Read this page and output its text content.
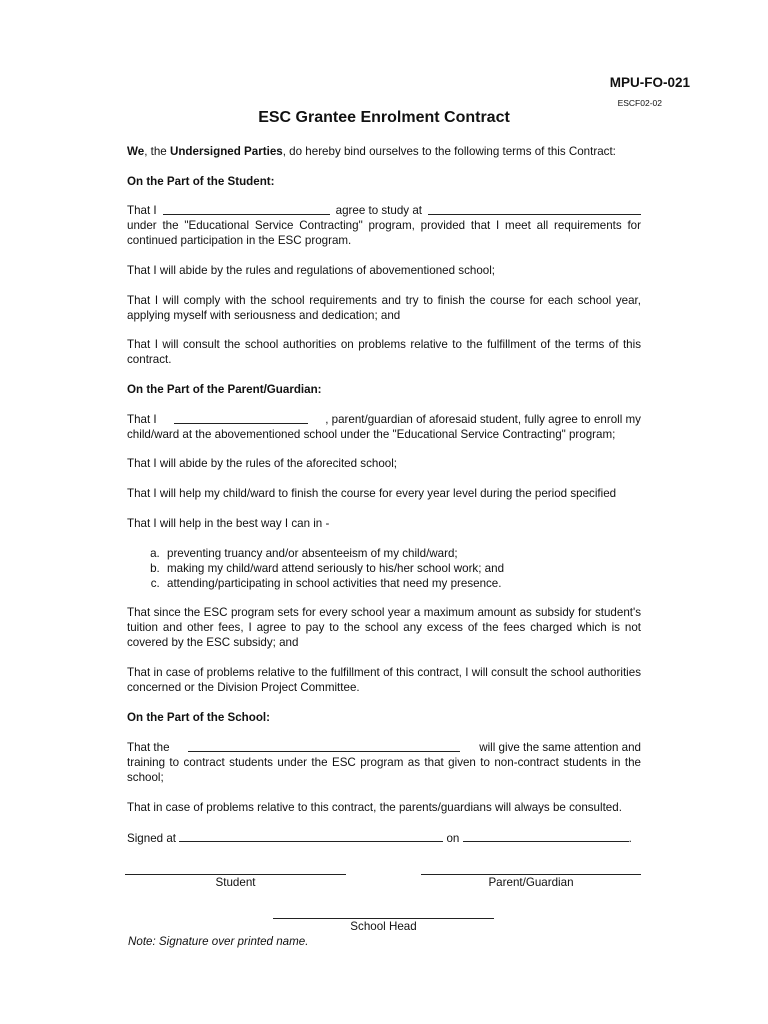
MPU-FO-021
ESCF02-02
ESC Grantee Enrolment Contract
We, the Undersigned Parties, do hereby bind ourselves to the following terms of this Contract:
On the Part of the Student:
That I	agree to study at
under the "Educational Service Contracting" program, provided that I meet all requirements for continued participation in the ESC program.
That I will abide by the rules and regulations of abovementioned school;
That I will comply with the school requirements and try to finish the course for each school year, applying myself with seriousness and dedication; and
That I will consult the school authorities on problems relative to the fulfillment of the terms of this contract.
On the Part of the Parent/Guardian:
That I	, parent/guardian of aforesaid student, fully agree to enroll my
child/ward at the abovementioned school under the "Educational Service Contracting" program;
That I will abide by the rules of the aforecited school;
That I will help my child/ward to finish the course for every year level during the period specified
That I will help in the best way I can in -
a. preventing truancy and/or absenteeism of my child/ward;
b. making my child/ward attend seriously to his/her school work; and
c. attending/participating in school activities that need my presence.
That since the ESC program sets for every school year a maximum amount as subsidy for student's tuition and other fees, I agree to pay to the school any excess of the fees charged which is not covered by the ESC subsidy; and
That in case of problems relative to the fulfillment of this contract, I will consult the school authorities concerned or the Division Project Committee.
On the Part of the School:
That the	will give the same attention and
training to contract students under the ESC program as that given to non-contract students in the school;
That in case of problems relative to this contract, the parents/guardians will always be consulted.
Signed at	on	.
Student	Parent/Guardian
School Head
Note: Signature over printed name.
